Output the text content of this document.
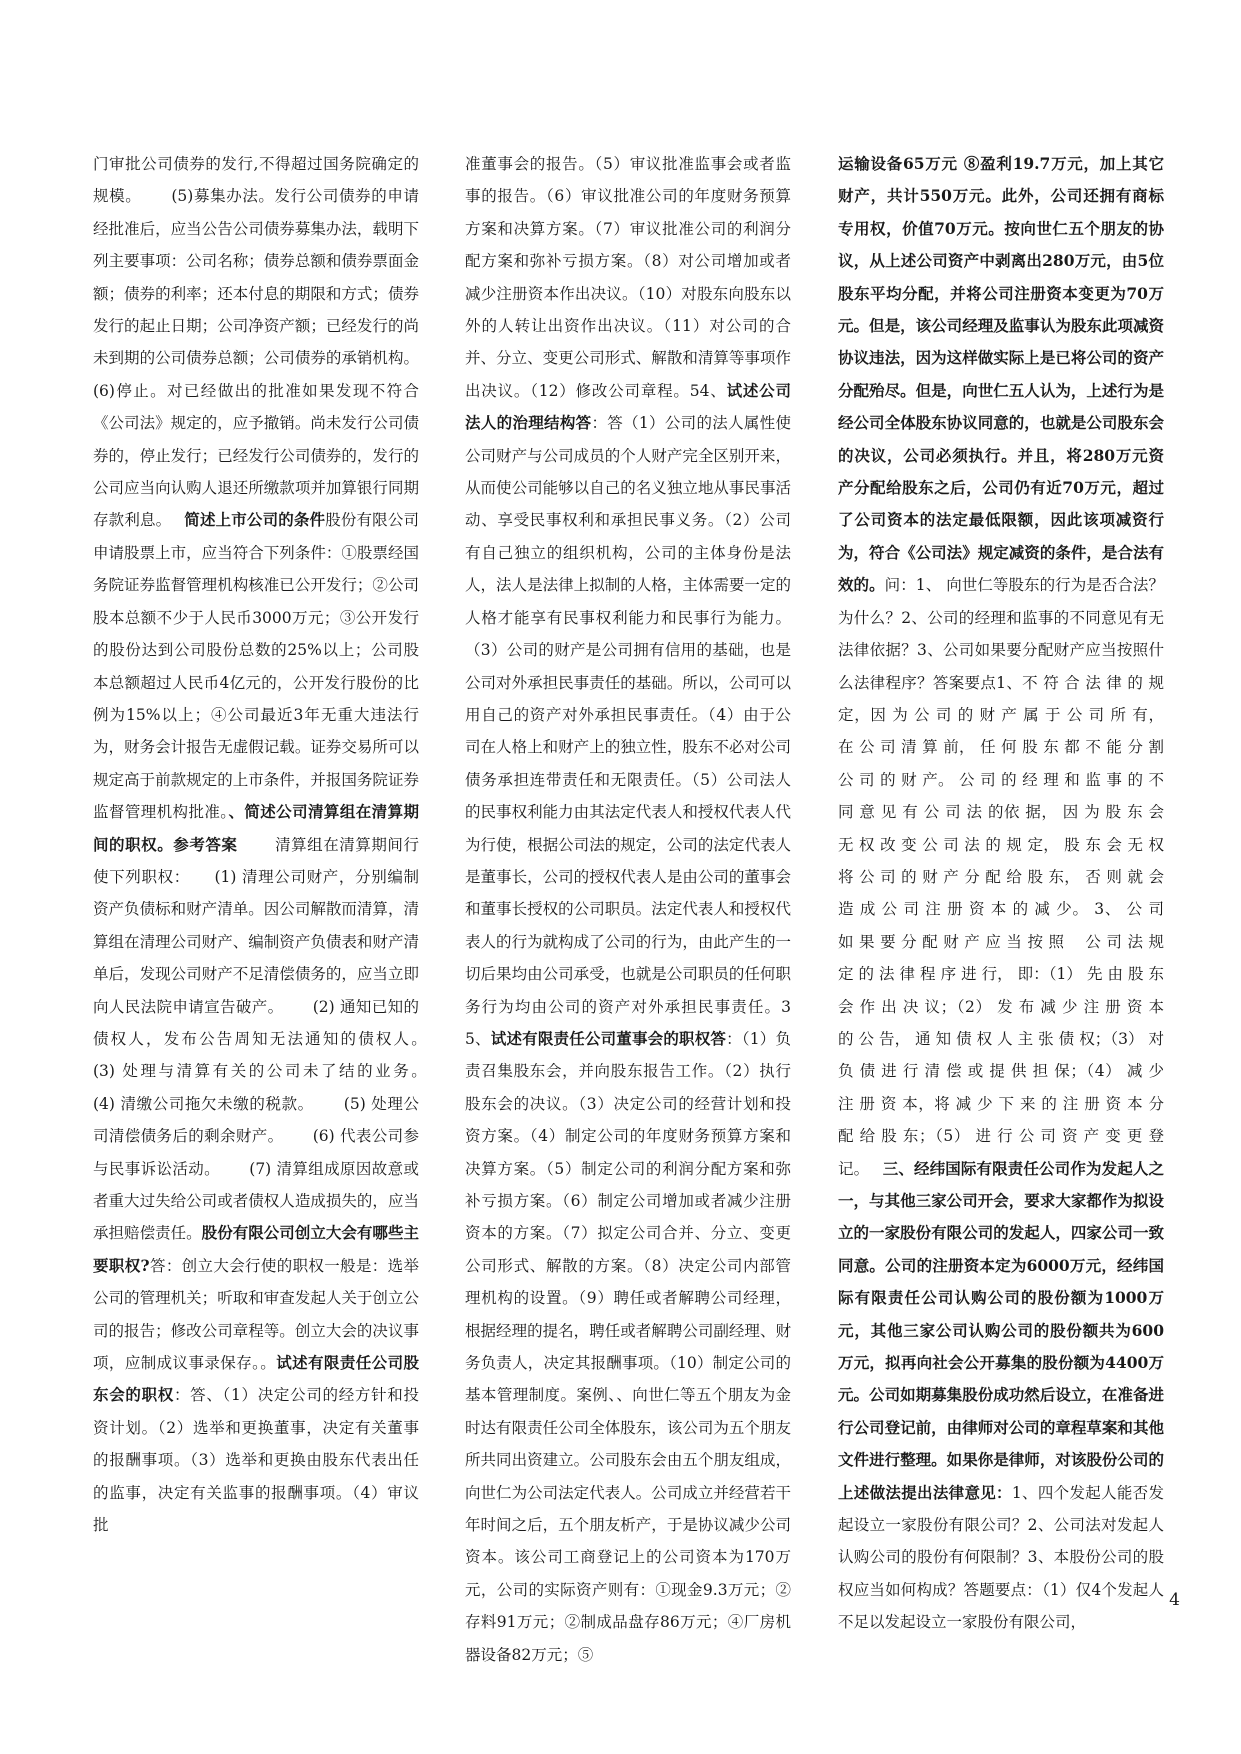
门审批公司债券的发行,不得超过国务院确定的规模。　　 (5)募集办法。发行公司债券的申请经批准后，应当公告公司债券募集办法，载明下列主要事项：公司名称；债券总额和债券票面金额；债券的利率；还本付息的期限和方式；债券发行的起止日期；公司净资产额；已经发行的尚未到期的公司债券总额；公司债券的承销机构。(6)停止。对已经做出的批准如果发现不符合《公司法》规定的，应予撤销。尚未发行公司债券的，停止发行；已经发行公司债券的，发行的公司应当向认购人退还所缴款项并加算银行同期存款利息。　 简述上市公司的条件股份有限公司申请股票上市，应当符合下列条件：①股票经国务院证券监督管理机构核准已公开发行；②公司股本总额不少于人民币3000万元；③公开发行的股份达到公司股份总数的25%以上；公司股本总额超过人民币4亿元的，公开发行股份的比例为15%以上；④公司最近3年无重大违法行为，财务会计报告无虚假记载。证券交易所可以规定高于前款规定的上市条件，并报国务院证券监督管理机构批准。、简述公司清算组在清算期间的职权。参考答案　　 清算组在清算期间行使下列职权：　　(1) 清理公司财产，分别编制资产负债标和财产清单。因公司解散而清算，清算组在清理公司财产、编制资产负债表和财产清单后，发现公司财产不足清偿债务的，应当立即向人民法院申请宣告破产。　　 (2) 通知已知的债权人，发布公告周知无法通知的债权人。　　 (3) 处理与清算有关的公司未了结的业务。　　 (4) 清缴公司拖欠未缴的税款。　　 (5) 处理公司清偿债务后的剩余财产。　　 (6) 代表公司参与民事诉讼活动。　　 (7) 清算组成原因故意或者重大过失给公司或者债权人造成损失的，应当承担赔偿责任。股份有限公司创立大会有哪些主要职权?答：创立大会行使的职权一般是：选举公司的管理机关；听取和审查发起人关于创立公司的报告；修改公司章程等。创立大会的决议事项，应制成议事录保存。。试述有限责任公司股东会的职权：答、（1）决定公司的经方针和投资计划。（2）选举和更换董事，决定有关董事的报酬事项。（3）选举和更换由股东代表出任的监事，决定有关监事的报酬事项。（4）审议批

准董事会的报告。（5）审议批准监事会或者监事的报告。（6）审议批准公司的年度财务预算方案和决算方案。（7）审议批准公司的利润分配方案和弥补亏损方案。（8）对公司增加或者减少注册资本作出决议。（10）对股东向股东以外的人转让出资作出决议。（11）对公司的合并、分立、变更公司形式、解散和清算等事项作出决议。（12）修改公司章程。54、试述公司法人的治理结构答：答（1）公司的法人属性使公司财产与公司成员的个人财产完全区别开来，从而使公司能够以自己的名义独立地从事民事活动、享受民事权利和承担民事义务。（2）公司有自己独立的组织机构，公司的主体身份是法人，法人是法律上拟制的人格，主体需要一定的人格才能享有民事权利能力和民事行为能力。（3）公司的财产是公司拥有信用的基础，也是公司对外承担民事责任的基础。所以，公司可以用自己的资产对外承担民事责任。（4）由于公司在人格上和财产上的独立性，股东不必对公司债务承担连带责任和无限责任。（5）公司法人的民事权利能力由其法定代表人和授权代表人代为行使，根据公司法的规定，公司的法定代表人是董事长，公司的授权代表人是由公司的董事会和董事长授权的公司职员。法定代表人和授权代表人的行为就构成了公司的行为，由此产生的一切后果均由公司承受，也就是公司职员的任何职务行为均由公司的资产对外承担民事责任。35、试述有限责任公司董事会的职权答：（1）负责召集股东会，并向股东报告工作。（2）执行股东会的决议。（3）决定公司的经营计划和投资方案。（4）制定公司的年度财务预算方案和决算方案。（5）制定公司的利润分配方案和弥补亏损方案。（6）制定公司增加或者减少注册资本的方案。（7）拟定公司合并、分立、变更公司形式、解散的方案。（8）决定公司内部管理机构的设置。（9）聘任或者解聘公司经理，根据经理的提名，聘任或者解聘公司副经理、财务负责人，决定其报酬事项。（10）制定公司的基本管理制度。案例、、向世仁等五个朋友为金时达有限责任公司全体股东，该公司为五个朋友所共同出资建立。公司股东会由五个朋友组成，向世仁为公司法定代表人。公司成立并经营若干年时间之后，五个朋友析产，于是协议减少公司资本。该公司工商登记上的公司资本为170万元，公司的实际资产则有：①现金9.3万元；②存料91万元；②制成品盘存86万元；④厂房机器设备82万元；⑤

运输设备65万元 ⑧盈利19.7万元，加上其它财产，共计550万元。此外，公司还拥有商标专用权，价值70万元。按向世仁五个朋友的协议，从上述公司资产中剥离出280万元，由5位股东平均分配，并将公司注册资本变更为70万元。但是，该公司经理及监事认为股东此项减资协议违法，因为这样做实际上是已将公司的资产分配殆尽。但是，向世仁五人认为，上述行为是经公司全体股东协议同意的，也就是公司股东会的决议，公司必须执行。并且，将280万元资产分配给股东之后，公司仍有近70万元，超过了公司资本的法定最低限额，因此该项减资行为，符合《公司法》规定减资的条件，是合法有效的。问：1、 向世仁等股东的行为是否合法？为什么？2、公司的经理和监事的不同意见有无法律依据？3、公司如果要分配财产应当按照什么法律程序？答案要点1、不 符 合 法 律 的 规 定，因 为 公 司 的 财 产 属 于 公 司 所 有， 在 公 司 清 算 前， 任 何 股 东 都 不 能 分 割 公 司 的 财 产。 公 司 的 经 理 和 监 事 的 不 同 意 见 有 公 司 法 的依 据， 因 为 股 东 会 无 权 改 变 公 司 法 的 规 定， 股 东 会 无 权 将 公 司 的 财 产 分 配 给 股 东， 否 则 就 会 造 成 公 司 注 册 资 本 的 减 少。 3、 公 司 如 果 要 分 配 财 产 应 当 按 照 　公 司 法 规 定 的 法 律 程 序 进 行， 即：（1） 先 由 股 东 会 作 出 决 议；（2） 发 布 减 少 注 册 资 本 的 公 告， 通 知 债 权 人 主 张 债 权；（3） 对 负 债 进 行 清 偿 或 提 供 担 保；（4） 减 少 注 册 资 本，将 减 少 下 来 的 注 册 资 本 分 配 给 股 东；（5） 进 行 公 司 资 产 变 更 登 记。　 三、经纬国际有限责任公司作为发起人之一，与其他三家公司开会，要求大家都作为拟设立的一家股份有限公司的发起人，四家公司一致同意。公司的注册资本定为6000万元，经纬国际有限责任公司认购公司的股份额为1000万元，其他三家公司认购公司的股份额共为600万元，拟再向社会公开募集的股份额为4400万元。公司如期募集股份成功然后设立，在准备进行公司登记前，由律师对公司的章程草案和其他文件进行整理。如果你是律师，对该股份公司的上述做法提出法律意见：1、四个发起人能否发起设立一家股份有限公司？2、公司法对发起人认购公司的股份有何限制？3、本股份公司的股权应当如何构成？答题要点：（1）仅4个发起人不足以发起设立一家股份有限公司，

4
